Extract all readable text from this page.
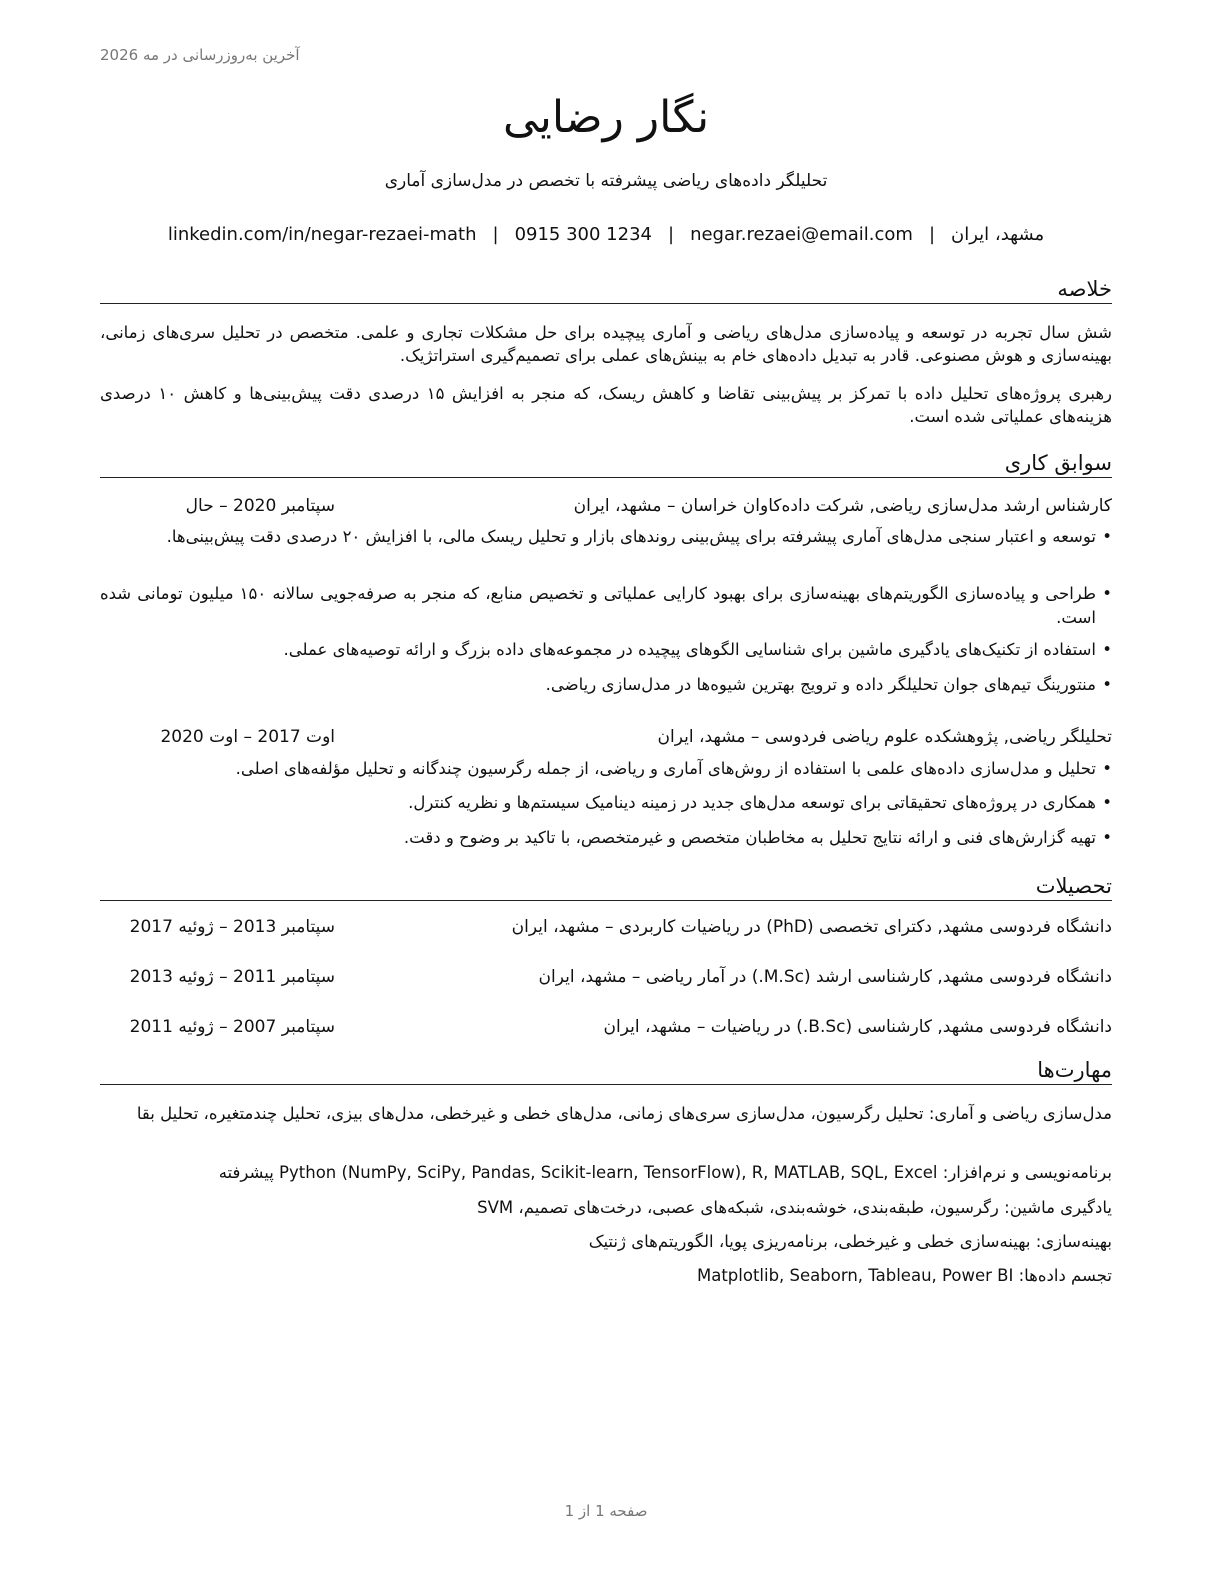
آخرین به‌روزرسانی در مه 2026
نگار رضایی
تحلیلگر داده‌های ریاضی پیشرفته با تخصص در مدل‌سازی آماری
مشهد، ایران|negar.rezaei@email.com|0915 300 1234|linkedin.com/in/negar-rezaei-math
خلاصه
شش سال تجربه در توسعه و پیاده‌سازی مدل‌های ریاضی و آماری پیچیده برای حل مشکلات تجاری و علمی. متخصص در تحلیل سری‌های زمانی، بهینه‌سازی و هوش مصنوعی. قادر به تبدیل داده‌های خام به بینش‌های عملی برای تصمیم‌گیری استراتژیک.
رهبری پروژه‌های تحلیل داده با تمرکز بر پیش‌بینی تقاضا و کاهش ریسک، که منجر به افزایش ۱۵ درصدی دقت پیش‌بینی‌ها و کاهش ۱۰ درصدی هزینه‌های عملیاتی شده است.
سوابق کاری
کارشناس ارشد مدل‌سازی ریاضی, شرکت داده‌کاوان خراسان – مشهد، ایران
سپتامبر 2020 – حال
•
توسعه و اعتبار سنجی مدل‌های آماری پیشرفته برای پیش‌بینی روندهای بازار و تحلیل ریسک مالی، با افزایش ۲۰ درصدی دقت پیش‌بینی‌ها.
•
طراحی و پیاده‌سازی الگوریتم‌های بهینه‌سازی برای بهبود کارایی عملیاتی و تخصیص منابع، که منجر به صرفه‌جویی سالانه ۱۵۰ میلیون تومانی شده است.
•
استفاده از تکنیک‌های یادگیری ماشین برای شناسایی الگوهای پیچیده در مجموعه‌های داده بزرگ و ارائه توصیه‌های عملی.
•
منتورینگ تیم‌های جوان تحلیلگر داده و ترویج بهترین شیوه‌ها در مدل‌سازی ریاضی.
تحلیلگر ریاضی, پژوهشکده علوم ریاضی فردوسی – مشهد، ایران
اوت 2017 – اوت 2020
•
تحلیل و مدل‌سازی داده‌های علمی با استفاده از روش‌های آماری و ریاضی، از جمله رگرسیون چندگانه و تحلیل مؤلفه‌های اصلی.
•
همکاری در پروژه‌های تحقیقاتی برای توسعه مدل‌های جدید در زمینه دینامیک سیستم‌ها و نظریه کنترل.
•
تهیه گزارش‌های فنی و ارائه نتایج تحلیل به مخاطبان متخصص و غیرمتخصص، با تاکید بر وضوح و دقت.
تحصیلات
دانشگاه فردوسی مشهد, دکترای تخصصی (PhD) در ریاضیات کاربردی – مشهد، ایران
سپتامبر 2013 – ژوئیه 2017
دانشگاه فردوسی مشهد, کارشناسی ارشد (M.Sc.) در آمار ریاضی – مشهد، ایران
سپتامبر 2011 – ژوئیه 2013
دانشگاه فردوسی مشهد, کارشناسی (B.Sc.) در ریاضیات – مشهد، ایران
سپتامبر 2007 – ژوئیه 2011
مهارت‌ها
مدل‌سازی ریاضی و آماری: تحلیل رگرسیون، مدل‌سازی سری‌های زمانی، مدل‌های خطی و غیرخطی، مدل‌های بیزی، تحلیل چندمتغیره، تحلیل بقا
برنامه‌نویسی و نرم‌افزار: Python (NumPy, SciPy, Pandas, Scikit-learn, TensorFlow), R, MATLAB, SQL, Excel پیشرفته
یادگیری ماشین: رگرسیون، طبقه‌بندی، خوشه‌بندی، شبکه‌های عصبی، درخت‌های تصمیم، SVM
بهینه‌سازی: بهینه‌سازی خطی و غیرخطی، برنامه‌ریزی پویا، الگوریتم‌های ژنتیک
تجسم داده‌ها: Matplotlib, Seaborn, Tableau, Power BI
صفحه 1 از 1
